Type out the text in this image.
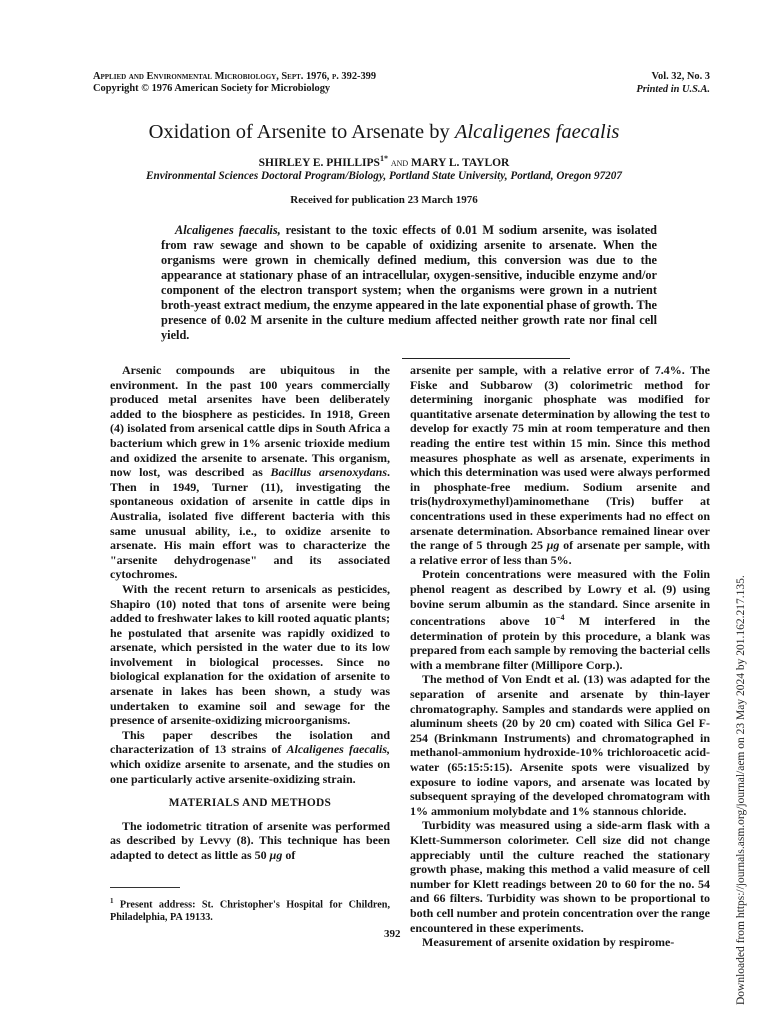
Applied and Environmental Microbiology, Sept. 1976, p. 392-399
Copyright © 1976 American Society for Microbiology
Vol. 32, No. 3
Printed in U.S.A.
Oxidation of Arsenite to Arsenate by Alcaligenes faecalis
SHIRLEY E. $PHILLIPS^{1*}$ and MARY L. TAYLOR
Environmental Sciences Doctoral Program/Biology, Portland State University, Portland, Oregon 97207
Received for publication 23 March 1976

Alcaligenes faecalis, resistant to the toxic effects of 0.01 M sodium arsenite, was isolated from raw sewage and shown to be capable of oxidizing arsenite to arsenate. When the organisms were grown in chemically defined medium, this conversion was due to the appearance at stationary phase of an intracellular, oxygen-sensitive, inducible enzyme and/or component of the electron transport system; when the organisms were grown in a nutrient broth-yeast extract medium, the enzyme appeared in the late exponential phase of growth. The presence of 0.02 M arsenite in the culture medium affected neither growth rate nor final cell yield.

Arsenic compounds are ubiquitous in the environment. In the past 100 years commercially produced metal arsenites have been deliberately added to the biosphere as pesticides. In 1918, Green (4) isolated from arsenical cattle dips in South Africa a bacterium which grew in 1% arsenic trioxide medium and oxidized the arsenite to arsenate. This organism, now lost, was described as Bacillus arsenoxydans. Then in 1949, Turner (11), investigating the spontaneous oxidation of arsenite in cattle dips in Australia, isolated five different bacteria with this same unusual ability, i.e., to oxidize arsenite to arsenate. His main effort was to characterize the "arsenite dehydrogenase" and its associated cytochromes.

With the recent return to arsenicals as pesticides, Shapiro (10) noted that tons of arsenite were being added to freshwater lakes to kill rooted aquatic plants; he postulated that arsenite was rapidly oxidized to arsenate, which persisted in the water due to its low involvement in biological processes. Since no biological explanation for the oxidation of arsenite to arsenate in lakes has been shown, a study was undertaken to examine soil and sewage for the presence of arsenite-oxidizing microorganisms.

This paper describes the isolation and characterization of 13 strains of Alcaligenes faecalis, which oxidize arsenite to arsenate, and the studies on one particularly active arsenite-oxidizing strain.

MATERIALS AND METHODS

The iodometric titration of arsenite was performed as described by Levvy (8). This technique has been adapted to detect as little as 50 μg of

$^1$ Present address: St. Christopher's Hospital for Children, Philadelphia, PA 19133.

arsenite per sample, with a relative error of 7.4%. The Fiske and Subbarow (3) colorimetric method for determining inorganic phosphate was modified for quantitative arsenate determination by allowing the test to develop for exactly 75 min at room temperature and then reading the entire test within 15 min. Since this method measures phosphate as well as arsenate, experiments in which this determination was used were always performed in phosphate-free medium. Sodium arsenite and tris(hydroxymethyl)aminomethane (Tris) buffer at concentrations used in these experiments had no effect on arsenate determination. Absorbance remained linear over the range of 5 through 25 μg of arsenate per sample, with a relative error of less than 5%.

Protein concentrations were measured with the Folin phenol reagent as described by Lowry et al. (9) using bovine serum albumin as the standard. Since arsenite in concentrations above $10^{-4}$ M interfered in the determination of protein by this procedure, a blank was prepared from each sample by removing the bacterial cells with a membrane filter (Millipore Corp.).

The method of Von Endt et al. (13) was adapted for the separation of arsenite and arsenate by thin-layer chromatography. Samples and standards were applied on aluminum sheets (20 by 20 cm) coated with Silica Gel F-254 (Brinkmann Instruments) and chromatographed in methanol-ammonium hydroxide-10% trichloroacetic acid-water (65:15:5:15). Arsenite spots were visualized by exposure to iodine vapors, and arsenate was located by subsequent spraying of the developed chromatogram with 1% ammonium molybdate and 1% stannous chloride.

Turbidity was measured using a side-arm flask with a Klett-Summerson colorimeter. Cell size did not change appreciably until the culture reached the stationary growth phase, making this method a valid measure of cell number for Klett readings between 20 to 60 for the no. 54 and 66 filters. Turbidity was shown to be proportional to both cell number and protein concentration over the range encountered in these experiments.

Measurement of arsenite oxidation by respirome-

392	Downloaded from https://journals.asm.org/journal/aem on 23 May 2024 by 201.162.217.135.
